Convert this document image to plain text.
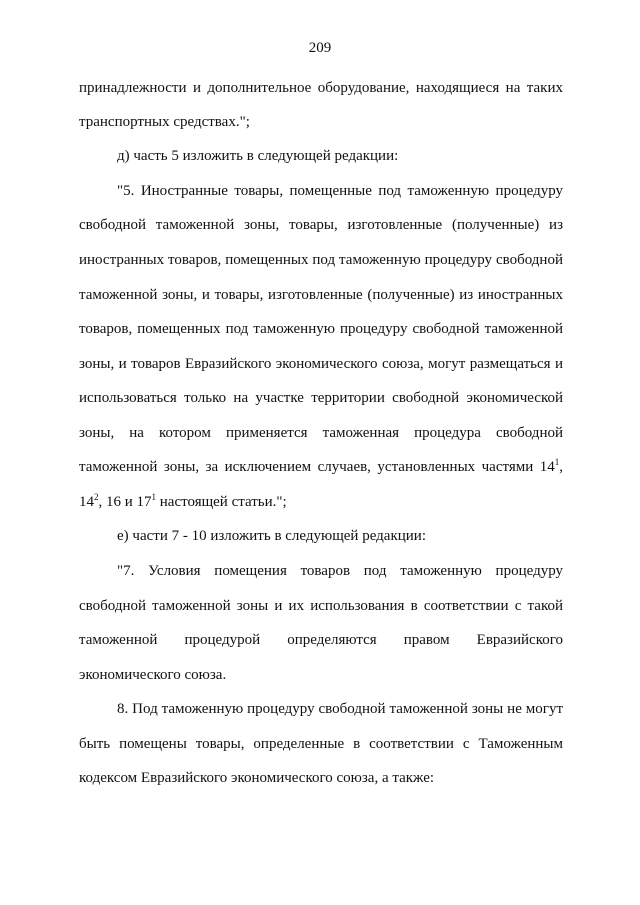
209
принадлежности и дополнительное оборудование, находящиеся на таких
транспортных средствах.";
д) часть 5 изложить в следующей редакции:
"5. Иностранные товары, помещенные под таможенную процедуру
свободной таможенной зоны, товары, изготовленные (полученные) из
иностранных товаров, помещенных под таможенную процедуру свободной
таможенной зоны, и товары, изготовленные (полученные) из иностранных
товаров, помещенных под таможенную процедуру свободной таможенной
зоны, и товаров Евразийского экономического союза, могут размещаться и
использоваться только на участке территории свободной экономической
зоны, на котором применяется таможенная процедура свободной
таможенной зоны, за исключением случаев, установленных частями $14^1$,
$14^2$, 16 и $17^1$ настоящей статьи.";
е) части 7 - 10 изложить в следующей редакции:
"7. Условия помещения товаров под таможенную процедуру
свободной таможенной зоны и их использования в соответствии с такой
таможенной процедурой определяются правом Евразийского
экономического союза.
8. Под таможенную процедуру свободной таможенной зоны не могут
быть помещены товары, определенные в соответствии с Таможенным
кодексом Евразийского экономического союза, а также:
